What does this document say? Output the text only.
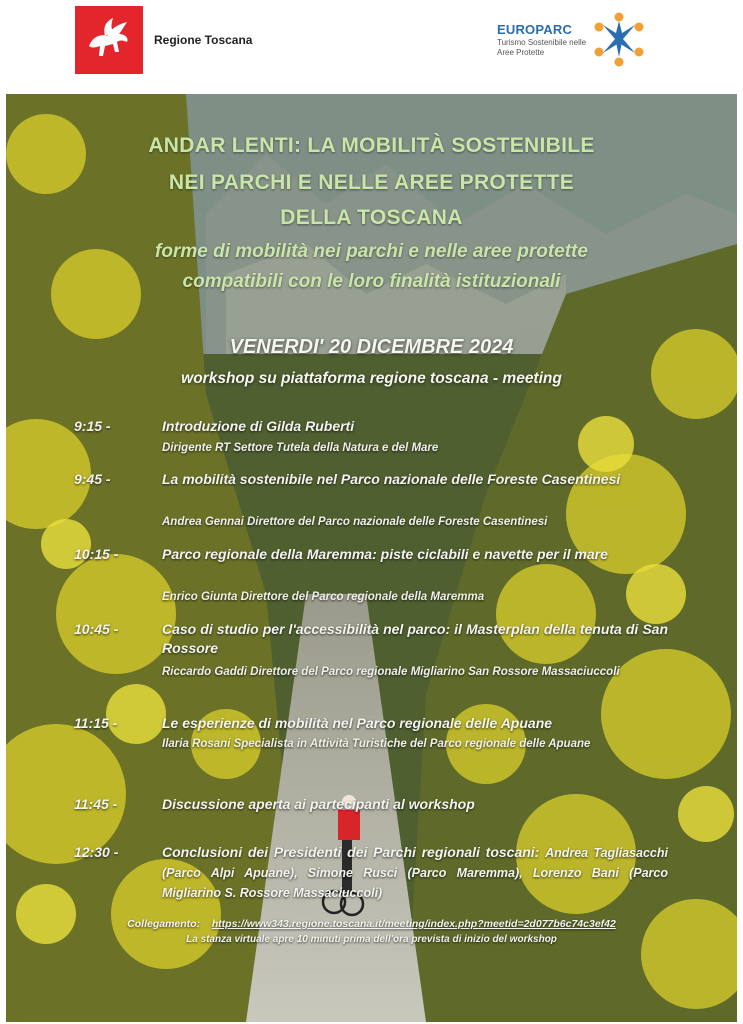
Regione Toscana
EUROPARC
Turismo Sostenibile nelle Aree Protette
ANDAR LENTI: LA MOBILITÀ SOSTENIBILE
NEI PARCHI E NELLE AREE PROTETTE
DELLA TOSCANA
forme di mobilità nei parchi e nelle aree protette
compatibili con le loro finalità istituzionali
VENERDI' 20 DICEMBRE 2024
workshop su piattaforma regione toscana - meeting
9:15 -	Introduzione di Gilda Ruberti
Dirigente RT Settore Tutela della Natura e del Mare
9:45 -	La mobilità sostenibile nel Parco nazionale delle Foreste Casentinesi
Andrea Gennai Direttore del Parco nazionale delle Foreste Casentinesi
10:15 -	Parco regionale della Maremma: piste ciclabili e navette per il mare
Enrico Giunta Direttore del Parco regionale della Maremma
10:45 -	Caso di studio per l'accessibilità nel parco: il Masterplan della tenuta di San Rossore
Riccardo Gaddi Direttore del Parco regionale Migliarino San Rossore Massaciuccoli
11:15 -	Le esperienze di mobilità nel Parco regionale delle Apuane
Ilaria Rosani Specialista in Attività Turistiche del Parco regionale delle Apuane
11:45 -	Discussione aperta ai partecipanti al workshop
12:30 -	Conclusioni dei Presidenti dei Parchi regionali toscani: Andrea Tagliasacchi (Parco Alpi Apuane), Simone Rusci (Parco Maremma), Lorenzo Bani (Parco Migliarino S. Rossore Massaciuccoli)
Collegamento: https://www343.regione.toscana.it/meeting/index.php?meetid=2d077b6c74c3ef42
La stanza virtuale apre 10 minuti prima dell'ora prevista di inizio del workshop
